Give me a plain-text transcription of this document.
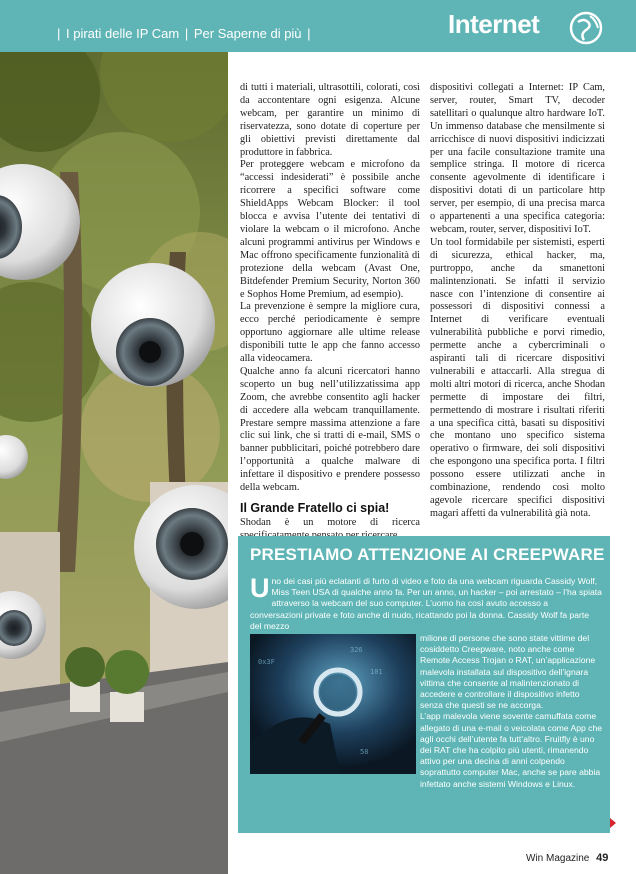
| I pirati delle IP Cam | Per Saperne di più |	Internet

di tutti i materiali, ultrasottili, colorati, così da accontentare ogni esigenza. Alcune webcam, per garantire un minimo di riservatezza, sono dotate di coperture per gli obiettivi previsti direttamente dal produttore in fabbrica.

Per proteggere webcam e microfono da “accessi indesiderati” è possibile anche ricorrere a specifici software come ShieldApps Webcam Blocker: il tool blocca e avvisa l’utente dei tentativi di violare la webcam o il microfono. Anche alcuni programmi antivirus per Windows e Mac offrono specificamente funzionalità di protezione della webcam (Avast One, Bitdefender Premium Security, Norton 360 e Sophos Home Premium, ad esempio).

La prevenzione è sempre la migliore cura, ecco perché periodicamente è sempre opportuno aggiornare alle ultime release disponibili tutte le app che fanno accesso alla videocamera.

Qualche anno fa alcuni ricercatori hanno scoperto un bug nell’utilizzatissima app Zoom, che avrebbe consentito agli hacker di accedere alla webcam tranquillamente. Prestare sempre massima attenzione a fare clic sui link, che si tratti di e-mail, SMS o banner pubblicitari, poiché potrebbero dare l’opportunità a qualche malware di infettare il dispositivo e prendere possesso della webcam.

Il Grande Fratello ci spia!

Shodan è un motore di ricerca

dispositivi collegati a Internet: IP Cam, server, router, Smart TV, decoder satellitari o qualunque altro hardware IoT. Un immenso database che mensilmente si arricchisce di nuovi dispositivi indicizzati per una facile consultazione tramite una semplice stringa. Il motore di ricerca consente agevolmente di identificare i dispositivi dotati di un particolare http server, per esempio, di una precisa marca o appartenenti a una specifica categoria: webcam, router, server, dispositivi IoT.

Un tool formidabile per sistemisti, esperti di sicurezza, ethical hacker, ma, purtroppo, anche da smanettoni malintenzionati. Se infatti il servizio nasce con l’intenzione di consentire ai possessori di dispositivi connessi a Internet di verificare eventuali vulnerabilità pubbliche e porvi rimedio, permette anche a cybercriminali o aspiranti tali di ricercare dispositivi vulnerabili e attaccarli. Alla stregua di molti altri motori di ricerca, anche Shodan permette di impostare dei filtri, permettendo di mostrare i risultati riferiti a una specifica città, basati su dispositivi che montano uno specifico sistema operativo o firmware, dei soli dispositivi che espongono una specifica porta. I filtri possono essere utilizzati anche in combinazione, rendendo così molto agevole ricercare specifici dispositivi magari affetti da vulnerabilità già nota.

PRESTIAMO ATTENZIONE AI CREEPWARE
U no dei casi più eclatanti di furto di video e foto da una webcam riguarda Cassidy Wolf, Miss Teen USA di qualche anno fa. Per un anno, un hacker – poi arrestato – l’ha spiata attraverso la webcam del suo computer. L’uomo ha così avuto accesso a conversazioni private e foto anche di nudo, ricattando poi la donna. Cassidy Wolf fa parte del mezzo
326
101
0x3F
58

milione di persone che sono state vittime del cosiddetto Creepware, noto anche come Remote Access Trojan o RAT, un’applicazione malevola installata sul dispositivo dell’ignara vittima che consente al malintenzionato di accedere e controllare il dispositivo infetto senza che questi se ne accorga.

L’app malevola viene sovente camuffata come allegato di una e-mail o veicolata come App che agli occhi dell’utente fa tutt’altro. Fruitfly è uno dei RAT che ha colpito più utenti, rimanendo attivo per una decina di anni colpendo soprattutto computer Mac, anche se pare abbia infettato anche sistemi Windows e Linux.

Win Magazine 49
